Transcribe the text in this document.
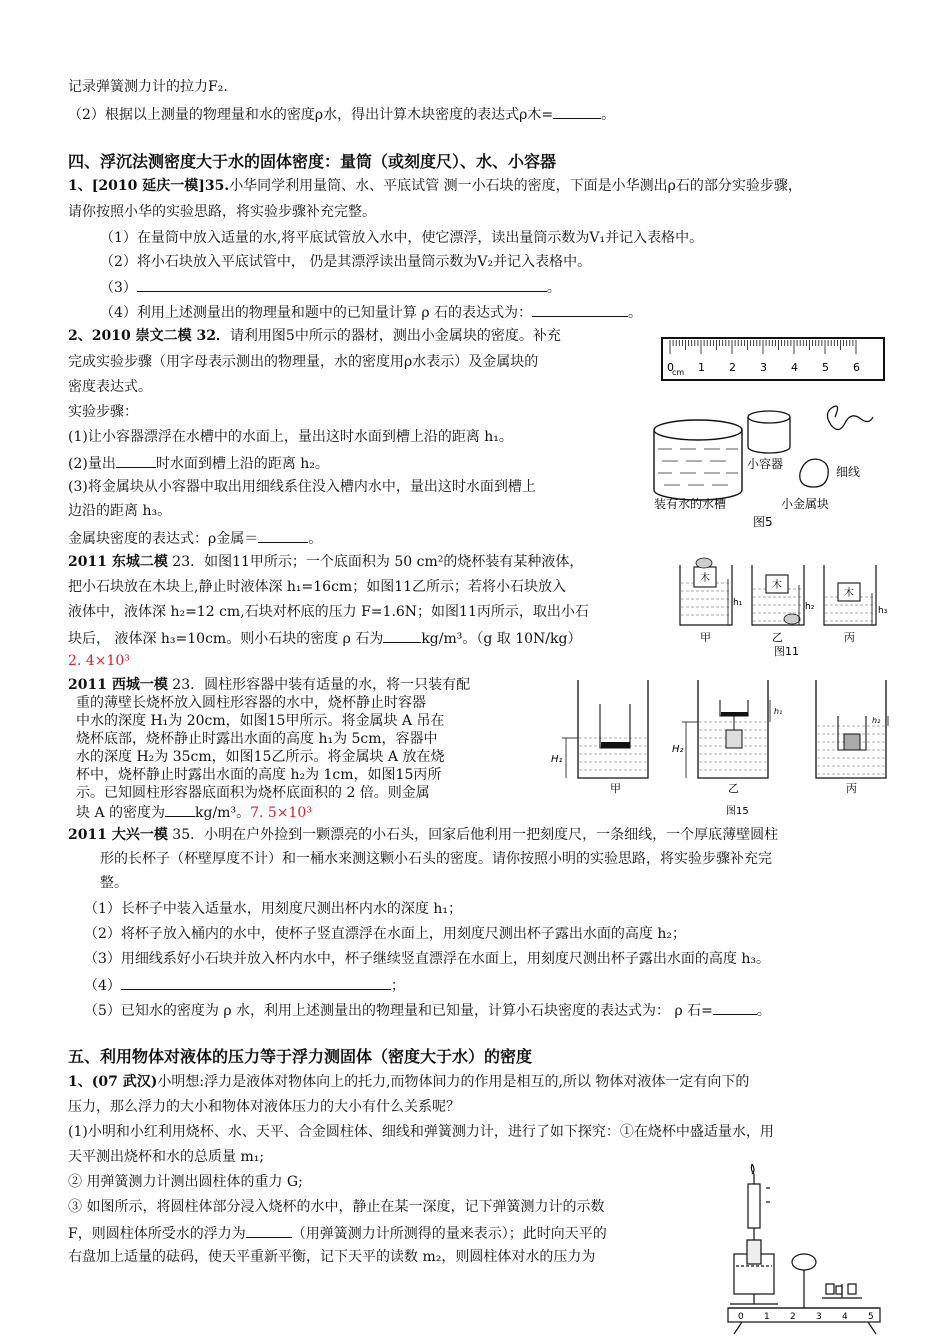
记录弹簧测力计的拉力F₂.
（2）根据以上测量的物理量和水的密度ρ水，得出计算木块密度的表达式ρ木=	。
四、浮沉法测密度大于水的固体密度：量筒（或刻度尺）、水、小容器
1、[2010 延庆一模]35.小华同学利用量筒、水、平底试管 测一小石块的密度，下面是小华测出ρ石的部分实验步骤，
请你按照小华的实验思路，将实验步骤补充完整。
（1）在量筒中放入适量的水,将平底试管放入水中，使它漂浮，读出量筒示数为V₁并记入表格中。
（2）将小石块放入平底试管中， 仍是其漂浮读出量筒示数为V₂并记入表格中。
（3）	。
（4）利用上述测量出的物理量和题中的已知量计算 ρ 石的表达式为：	。
2、2010 崇文二模 32．请利用图5中所示的器材，测出小金属块的密度。补充
完成实验步骤（用字母表示测出的物理量，水的密度用ρ水表示）及金属块的
密度表达式。
实验步骤：
(1)让小容器漂浮在水槽中的水面上，量出这时水面到槽上沿的距离 h₁。
(2)量出	时水面到槽上沿的距离 h₂。
(3)将金属块从小容器中取出用细线系住没入槽内水中，量出这时水面到槽上
边沿的距离 h₃。
金属块密度的表达式：ρ金属＝	。
0 1 2 3 4 5 6
cm
小容器
细线
装有水的水槽	小金属块
图5
2011 东城二模 23．如图11甲所示；一个底面积为 50 cm²的烧杯装有某种液体，
把小石块放在木块上,静止时液体深 h₁=16cm；如图11乙所示；若将小石块放入
液体中，液体深 h₂=12 cm,石块对杯底的压力 F=1.6N；如图11丙所示，取出小石
块后， 液体深 h₃=10cm。则小石块的密度 ρ 石为	kg/m³。（g 取 10N/kg）
2. 4×10³
木
木
木
h₁	h₂	h₃
甲	乙	丙
图11
2011 西城一模 23．圆柱形容器中装有适量的水，将一只装有配
重的薄壁长烧杯放入圆柱形容器的水中，烧杯静止时容器
中水的深度 H₁为 20cm，如图15甲所示。将金属块 A 吊在
烧杯底部，烧杯静止时露出水面的高度 h₁为 5cm，容器中
水的深度 H₂为 35cm，如图15乙所示。将金属块 A 放在烧
杯中，烧杯静止时露出水面的高度 h₂为 1cm，如图15丙所
示。已知圆柱形容器底面积为烧杯底面积的 2 倍。则金属
块 A 的密度为 kg/m³。7. 5×10³
H₁
H₂
h₁
h₂
甲	乙	丙
图15
2011 大兴一模 35．小明在户外捡到一颗漂亮的小石头，回家后他利用一把刻度尺，一条细线，一个厚底薄壁圆柱
形的长杯子（杯壁厚度不计）和一桶水来测这颗小石头的密度。请你按照小明的实验思路，将实验步骤补充完
整。
（1）长杯子中装入适量水，用刻度尺测出杯内水的深度 h₁；
（2）将杯子放入桶内的水中，使杯子竖直漂浮在水面上，用刻度尺测出杯子露出水面的高度 h₂；
（3）用细线系好小石块并放入杯内水中，杯子继续竖直漂浮在水面上，用刻度尺测出杯子露出水面的高度 h₃。
（4）	；
（5）已知水的密度为 ρ 水，利用上述测量出的物理量和已知量，计算小石块密度的表达式为： ρ 石=	。
五、利用物体对液体的压力等于浮力测固体（密度大于水）的密度
1、(07 武汉)小明想:浮力是液体对物体向上的托力,而物体间力的作用是相互的,所以 物体对液体一定有向下的
压力，那么浮力的大小和物体对液体压力的大小有什么关系呢？
(1)小明和小红利用烧杯、水、天平、合金圆柱体、细线和弹簧测力计，进行了如下探究：①在烧杯中盛适量水，用
天平测出烧杯和水的总质量 m₁;
② 用弹簧测力计测出圆柱体的重力 G;
③ 如图所示，将圆柱体部分浸入烧杯的水中，静止在某一深度，记下弹簧测力计的示数
F，则圆柱体所受水的浮力为	（用弹簧测力计所测得的量来表示）；此时向天平的
右盘加上适量的砝码，使天平重新平衡，记下天平的读数 m₂，则圆柱体对水的压力为
0 1 2 3 4 5
